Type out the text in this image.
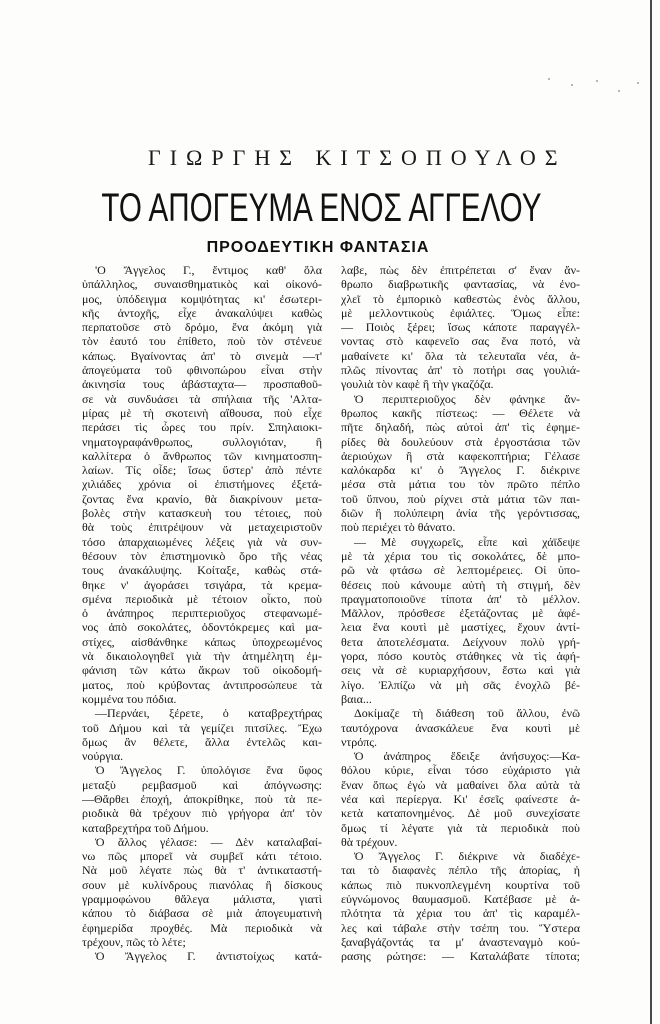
ΓΙΩΡΓΗΣ ΚΙΤΣΟΠΟΥΛΟΣ
ΤΟ ΑΠΟΓΕΥΜΑ ΕΝΟΣ ΑΓΓΕΛΟΥ
ΠΡΟΟΔΕΥΤΙΚΗ ΦΑΝΤΑΣΙΑ
'Ο Ἄγγελος Γ., ἔντιμος καθ' ὅλα
ὑπάλληλος, συναισθηματικὸς καὶ οἰκονό-
μος, ὑπόδειγμα κομψότητας κι' ἐσωτερι-
κῆς ἀντοχῆς, εἶχε ἀνακαλύψει καθὼς
περπατοῦσε στὸ δρόμο, ἕνα ἀκόμη γιὰ
τὸν ἑαυτό του ἐπίθετο, ποὺ τὸν στένευε
κάπως. Βγαίνοντας ἀπ' τὸ σινεμὰ —τ'
ἀπογεύματα τοῦ φθινοπώρου εἶναι στὴν
ἀκινησία τους ἀβάσταχτα— προσπαθοῦ-
σε νὰ συνδυάσει τὰ σπήλαια τῆς 'Αλτα-
μίρας μὲ τὴ σκοτεινὴ αἴθουσα, ποὺ εἶχε
περάσει τὶς ὧρες του πρίν. Σπηλαιοκι-
νηματογραφάνθρωπος, συλλογιόταν, ἢ
καλλίτερα ὁ ἄνθρωπος τῶν κινηματοσπη-
λαίων. Τίς οἶδε; ἴσως ὕστερ' ἀπὸ πέντε
χιλιάδες χρόνια οἱ ἐπιστήμονες ἐξετά-
ζοντας ἕνα κρανίο, θὰ διακρίνουν μετα-
βολὲς στὴν κατασκευὴ του τέτοιες, ποὺ
θὰ τοὺς ἐπιτρέψουν νὰ μεταχειριστοῦν
τόσο ἀπαρχαιωμένες λέξεις γιὰ νὰ συν-
θέσουν τὸν ἐπιστημονικὸ ὅρο τῆς νέας
τους ἀνακάλυψης. Κοίταξε, καθὼς στά-
θηκε ν' ἀγοράσει τσιγάρα, τὰ κρεμα-
σμένα περιοδικὰ μὲ τέτοιον οἶκτο, ποὺ
ὁ ἀνάπηρος περιπτεριοῦχος στεφανωμέ-
νος ἀπὸ σοκολάτες, ὀδοντόκρεμες καὶ μα-
στίχες, αἰσθάνθηκε κάπως ὑποχρεωμένος
νὰ δικαιολογηθεῖ γιὰ τὴν ἀτημέλητη ἐμ-
φάνιση τῶν κάτω ἄκρων τοῦ οἰκοδομή-
ματος, ποὺ κρύβοντας ἀντιπροσώπευε τὰ
κομμένα του πόδια.
—Περνάει, ξέρετε, ὁ καταβρεχτήρας
τοῦ Δήμου καὶ τὰ γεμίζει πιτσίλες. Ἔχω
ὅμως ἂν θέλετε, ἄλλα ἐντελῶς και-
νούργια.
Ὁ Ἄγγελος Γ. ὑπολόγισε ἕνα ὕφος
μεταξὺ ρεμβασμοῦ καὶ ἀπόγνωσης:
—Θἄρθει ἐποχή, ἀποκρίθηκε, ποὺ τὰ πε-
ριοδικὰ θὰ τρέχουν πιὸ γρήγορα ἀπ' τὸν
καταβρεχτήρα τοῦ Δήμου.
Ὁ ἄλλος γέλασε: — Δὲν καταλαβαί-
νω πῶς μπορεῖ νὰ συμβεῖ κάτι τέτοιο.
Νὰ μοῦ λέγατε πὼς θὰ τ' ἀντικαταστή-
σουν μὲ κυλίνδρους πιανόλας ἢ δίσκους
γραμμοφώνου θἄλεγα μάλιστα, γιατὶ
κάπου τὸ διάβασα σὲ μιὰ ἀπογευματινὴ
ἐφημερίδα προχθές. Μὰ περιοδικὰ νὰ
τρέχουν, πῶς τὸ λέτε;
Ὁ Ἄγγελος Γ. ἀντιστοίχως κατά-
λαβε, πὼς δὲν ἐπιτρέπεται σ' ἕναν ἄν-
θρωπο διαβρωτικῆς φαντασίας, νὰ ἐνο-
χλεῖ τὸ ἐμπορικὸ καθεστὼς ἑνὸς ἄλλου,
μὲ μελλοντικοὺς ἐφιάλτες. Ὅμως εἶπε:
— Ποιὸς ξέρει; ἴσως κάποτε παραγγέλ-
νοντας στὸ καφενεῖο σας ἕνα ποτό, νὰ
μαθαίνετε κι' ὅλα τὰ τελευταῖα νέα, ἁ-
πλῶς πίνοντας ἀπ' τὸ ποτήρι σας γουλιά-
γουλιὰ τὸν καφὲ ἢ τὴν γκαζόζα.
Ὁ περιπτεριοῦχος δὲν φάνηκε ἄν-
θρωπος κακῆς πίστεως: — Θέλετε νὰ
πῆτε δηλαδή, πὼς αὐτοὶ ἀπ' τὶς ἐφημε-
ρίδες θὰ δουλεύουν στὰ ἐργοστάσια τῶν
ἀεριούχων ἢ στὰ καφεκοπτήρια; Γέλασε
καλόκαρδα κι' ὁ Ἄγγελος Γ. διέκρινε
μέσα στὰ μάτια του τὸν πρῶτο πέπλο
τοῦ ὕπνου, ποὺ ρίχνει στὰ μάτια τῶν παι-
διῶν ἢ πολύπειρη ἀνία τῆς γερόντισσας,
ποὺ περιέχει τὸ θάνατο.
— Μὲ συγχωρεῖς, εἶπε καὶ χάϊδεψε
μὲ τὰ χέρια του τὶς σοκολάτες, δὲ μπο-
ρῶ νὰ φτάσω σὲ λεπτομέρειες. Οἱ ὑπο-
θέσεις ποὺ κάνουμε αὐτὴ τὴ στιγμή, δὲν
πραγματοποιοῦνε τίποτα ἀπ' τὸ μέλλον.
Μᾶλλον, πρόσθεσε ἐξετάζοντας μὲ ἀφέ-
λεια ἕνα κουτὶ μὲ μαστίχες, ἔχουν ἀντί-
θετα ἀποτελέσματα. Δείχνουν πολὺ γρή-
γορα, πόσο κουτὸς στάθηκες νὰ τὶς ἀφή-
σεις νὰ σὲ κυριαρχήσουν, ἔστω καὶ γιὰ
λίγο. Ἐλπίζω νὰ μὴ σᾶς ἐνοχλῶ βέ-
βαια...
Δοκίμαζε τὴ διάθεση τοῦ ἄλλου, ἐνῶ
ταυτόχρονα ἀνασκάλευε ἕνα κουτὶ μὲ
ντρόπς.
Ὁ ἀνάπηρος ἔδειξε ἀνήσυχος:—Κα-
θόλου κύριε, εἶναι τόσο εὐχάριστο γιὰ
ἕναν ὅπως ἐγὼ νὰ μαθαίνει ὅλα αὐτὰ τὰ
νέα καὶ περίεργα. Κι' ἐσεῖς φαίνεστε ἀ-
κετὰ καταπονημένος. Δὲ μοῦ συνεχίσατε
ὅμως τί λέγατε γιὰ τὰ περιοδικὰ ποὺ
θὰ τρέχουν.
Ὁ Ἄγγελος Γ. διέκρινε νὰ διαδέχε-
ται τὸ διαφανὲς πέπλο τῆς ἀπορίας, ἡ
κάπως πιὸ πυκνοπλεγμένη κουρτίνα τοῦ
εὐγνώμονος θαυμασμοῦ. Κατέβασε μὲ ἀ-
πλότητα τὰ χέρια του ἀπ' τὶς καραμέλ-
λες καὶ τάβαλε στὴν τσέπη του. Ὕστερα
ξαναβγάζοντάς τα μ' ἀναστεναγμὸ κού-
ρασης ρώτησε: — Καταλάβατε τίποτα;
